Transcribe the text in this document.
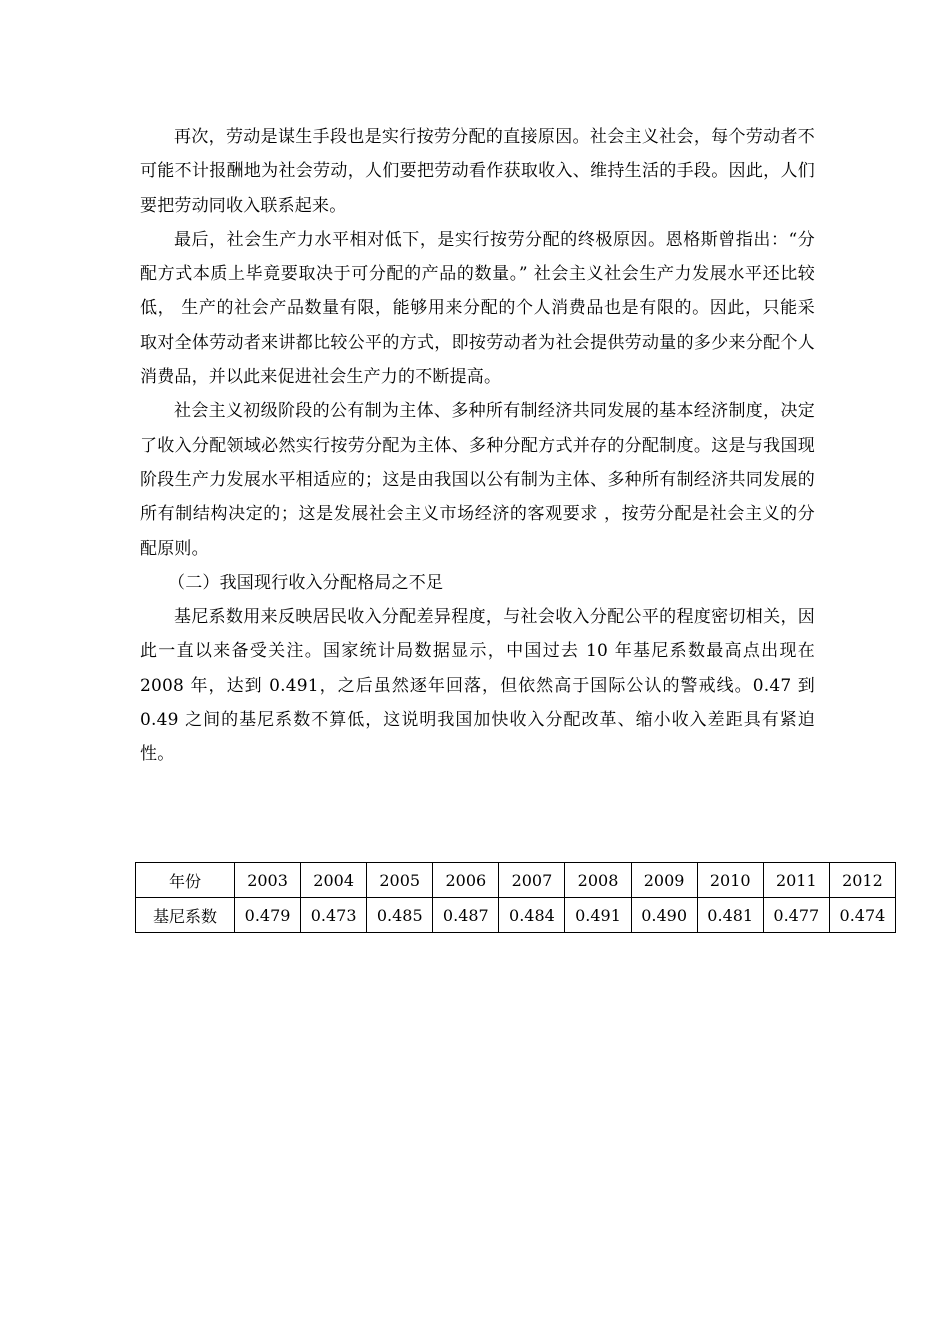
再次，劳动是谋生手段也是实行按劳分配的直接原因。社会主义社会，每个劳动者不可能不计报酬地为社会劳动，人们要把劳动看作获取收入、维持生活的手段。因此，人们要把劳动同收入联系起来。

最后，社会生产力水平相对低下，是实行按劳分配的终极原因。恩格斯曾指出：“分配方式本质上毕竟要取决于可分配的产品的数量。” 社会主义社会生产力发展水平还比较低， 生产的社会产品数量有限，能够用来分配的个人消费品也是有限的。因此，只能采取对全体劳动者来讲都比较公平的方式，即按劳动者为社会提供劳动量的多少来分配个人消费品，并以此来促进社会生产力的不断提高。

社会主义初级阶段的公有制为主体、多种所有制经济共同发展的基本经济制度，决定了收入分配领域必然实行按劳分配为主体、多种分配方式并存的分配制度。这是与我国现阶段生产力发展水平相适应的；这是由我国以公有制为主体、多种所有制经济共同发展的所有制结构决定的；这是发展社会主义市场经济的客观要求 ，按劳分配是社会主义的分配原则。

（二）我国现行收入分配格局之不足

基尼系数用来反映居民收入分配差异程度，与社会收入分配公平的程度密切相关，因此一直以来备受关注。国家统计局数据显示，中国过去 10 年基尼系数最高点出现在 2008 年，达到 0.491，之后虽然逐年回落，但依然高于国际公认的警戒线。0.47 到 0.49 之间的基尼系数不算低，这说明我国加快收入分配改革、缩小收入差距具有紧迫性。

年份	2003	2004	2005	2006	2007	2008	2009	2010	2011	2012
基尼系数	0.479	0.473	0.485	0.487	0.484	0.491	0.490	0.481	0.477	0.474
